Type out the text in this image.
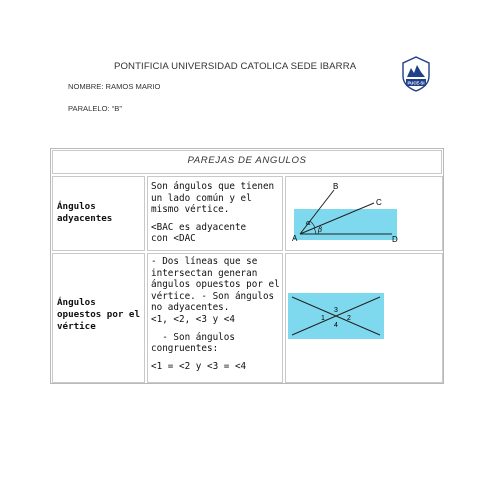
PONTIFICIA UNIVERSIDAD CATOLICA SEDE IBARRA
NOMBRE: RAMOS MARIO
PARALELO: “B”
PUCE-SI
PAREJAS DE ANGULOS
Ángulos
adyacentes

Son ángulos que tienen

un lado común y el

mismo vértice.

<BAC es adyacente

con <DAC	A
B
C
D
α
β
Ángulos
opuestos por el
vértice

- Dos líneas que se

intersectan generan

ángulos opuestos por el

vértice. - Son ángulos

no adyacentes.

<1, <2, <3 y <4

- Son ángulos

congruentes:

<1 = <2 y <3 = <4

1	2
3
4
